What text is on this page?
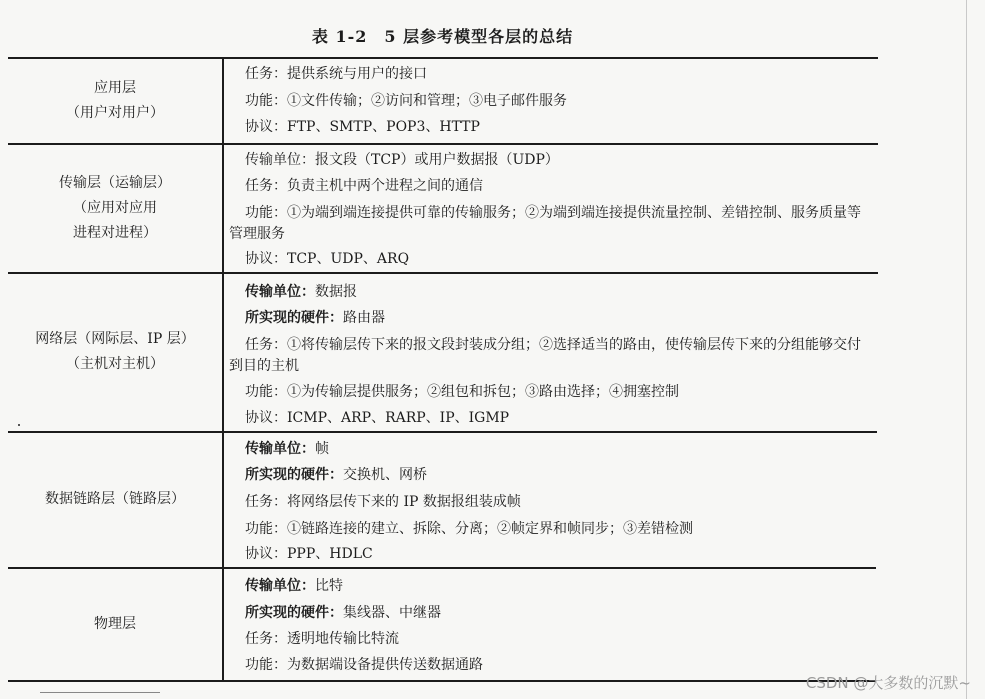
表 1-2　5 层参考模型各层的总结
应用层
（用户对用户）
任务：提供系统与用户的接口
功能：①文件传输；②访问和管理；③电子邮件服务
协议：FTP、SMTP、POP3、HTTP
传输层（运输层）
（应用对应用
进程对进程）
传输单位：报文段（TCP）或用户数据报（UDP）
任务：负责主机中两个进程之间的通信
功能：①为端到端连接提供可靠的传输服务；②为端到端连接提供流量控制、差错控制、服务质量等管理服务
协议：TCP、UDP、ARQ
网络层（网际层、IP 层）
（主机对主机）
传输单位：数据报
所实现的硬件：路由器
任务：①将传输层传下来的报文段封装成分组；②选择适当的路由，使传输层传下来的分组能够交付到目的主机
功能：①为传输层提供服务；②组包和拆包；③路由选择；④拥塞控制
协议：ICMP、ARP、RARP、IP、IGMP
数据链路层（链路层）
传输单位：帧
所实现的硬件：交换机、网桥
任务：将网络层传下来的 IP 数据报组装成帧
功能：①链路连接的建立、拆除、分离；②帧定界和帧同步；③差错检测
协议：PPP、HDLC
物理层
传输单位：比特
所实现的硬件：集线器、中继器
任务：透明地传输比特流
功能：为数据端设备提供传送数据通路
CSDN @大多数的沉默~
